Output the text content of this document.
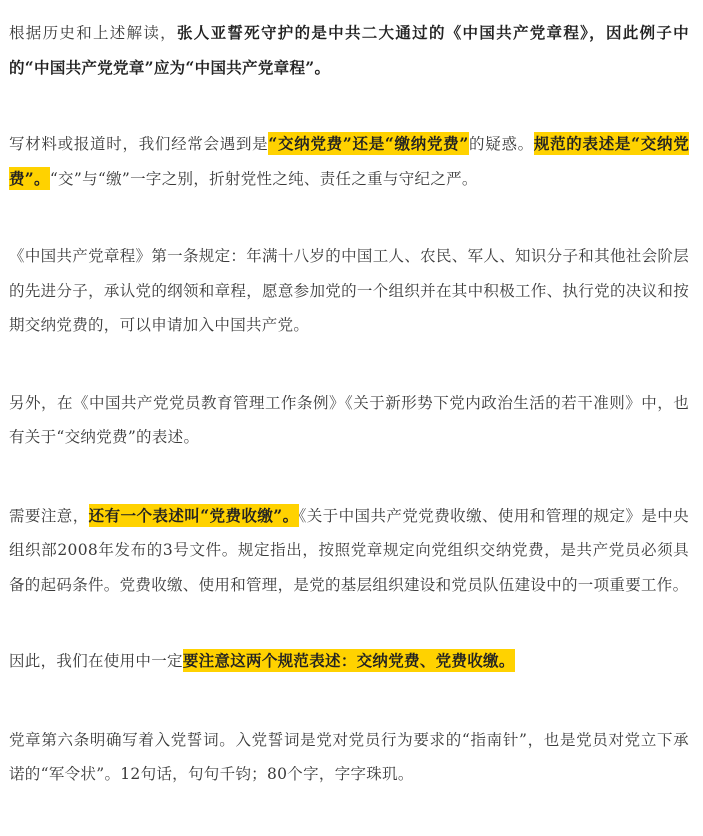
根据历史和上述解读，张人亚誓死守护的是中共二大通过的《中国共产党章程》，因此例子中的“中国共产党党章”应为“中国共产党章程”。

写材料或报道时，我们经常会遇到是“交纳党费”还是“缴纳党费”的疑惑。规范的表述是“交纳党费”。“交”与“缴”一字之别，折射党性之纯、责任之重与守纪之严。

《中国共产党章程》第一条规定：年满十八岁的中国工人、农民、军人、知识分子和其他社会阶层的先进分子，承认党的纲领和章程，愿意参加党的一个组织并在其中积极工作、执行党的决议和按期交纳党费的，可以申请加入中国共产党。

另外，在《中国共产党党员教育管理工作条例》《关于新形势下党内政治生活的若干准则》中，也有关于“交纳党费”的表述。

需要注意，还有一个表述叫“党费收缴”。《关于中国共产党党费收缴、使用和管理的规定》是中央组织部2008年发布的3号文件。规定指出，按照党章规定向党组织交纳党费，是共产党员必须具备的起码条件。党费收缴、使用和管理，是党的基层组织建设和党员队伍建设中的一项重要工作。

因此，我们在使用中一定要注意这两个规范表述：交纳党费、党费收缴。

党章第六条明确写着入党誓词。入党誓词是党对党员行为要求的“指南针”，也是党员对党立下承诺的“军令状”。12句话，句句千钧；80个字，字字珠玑。
